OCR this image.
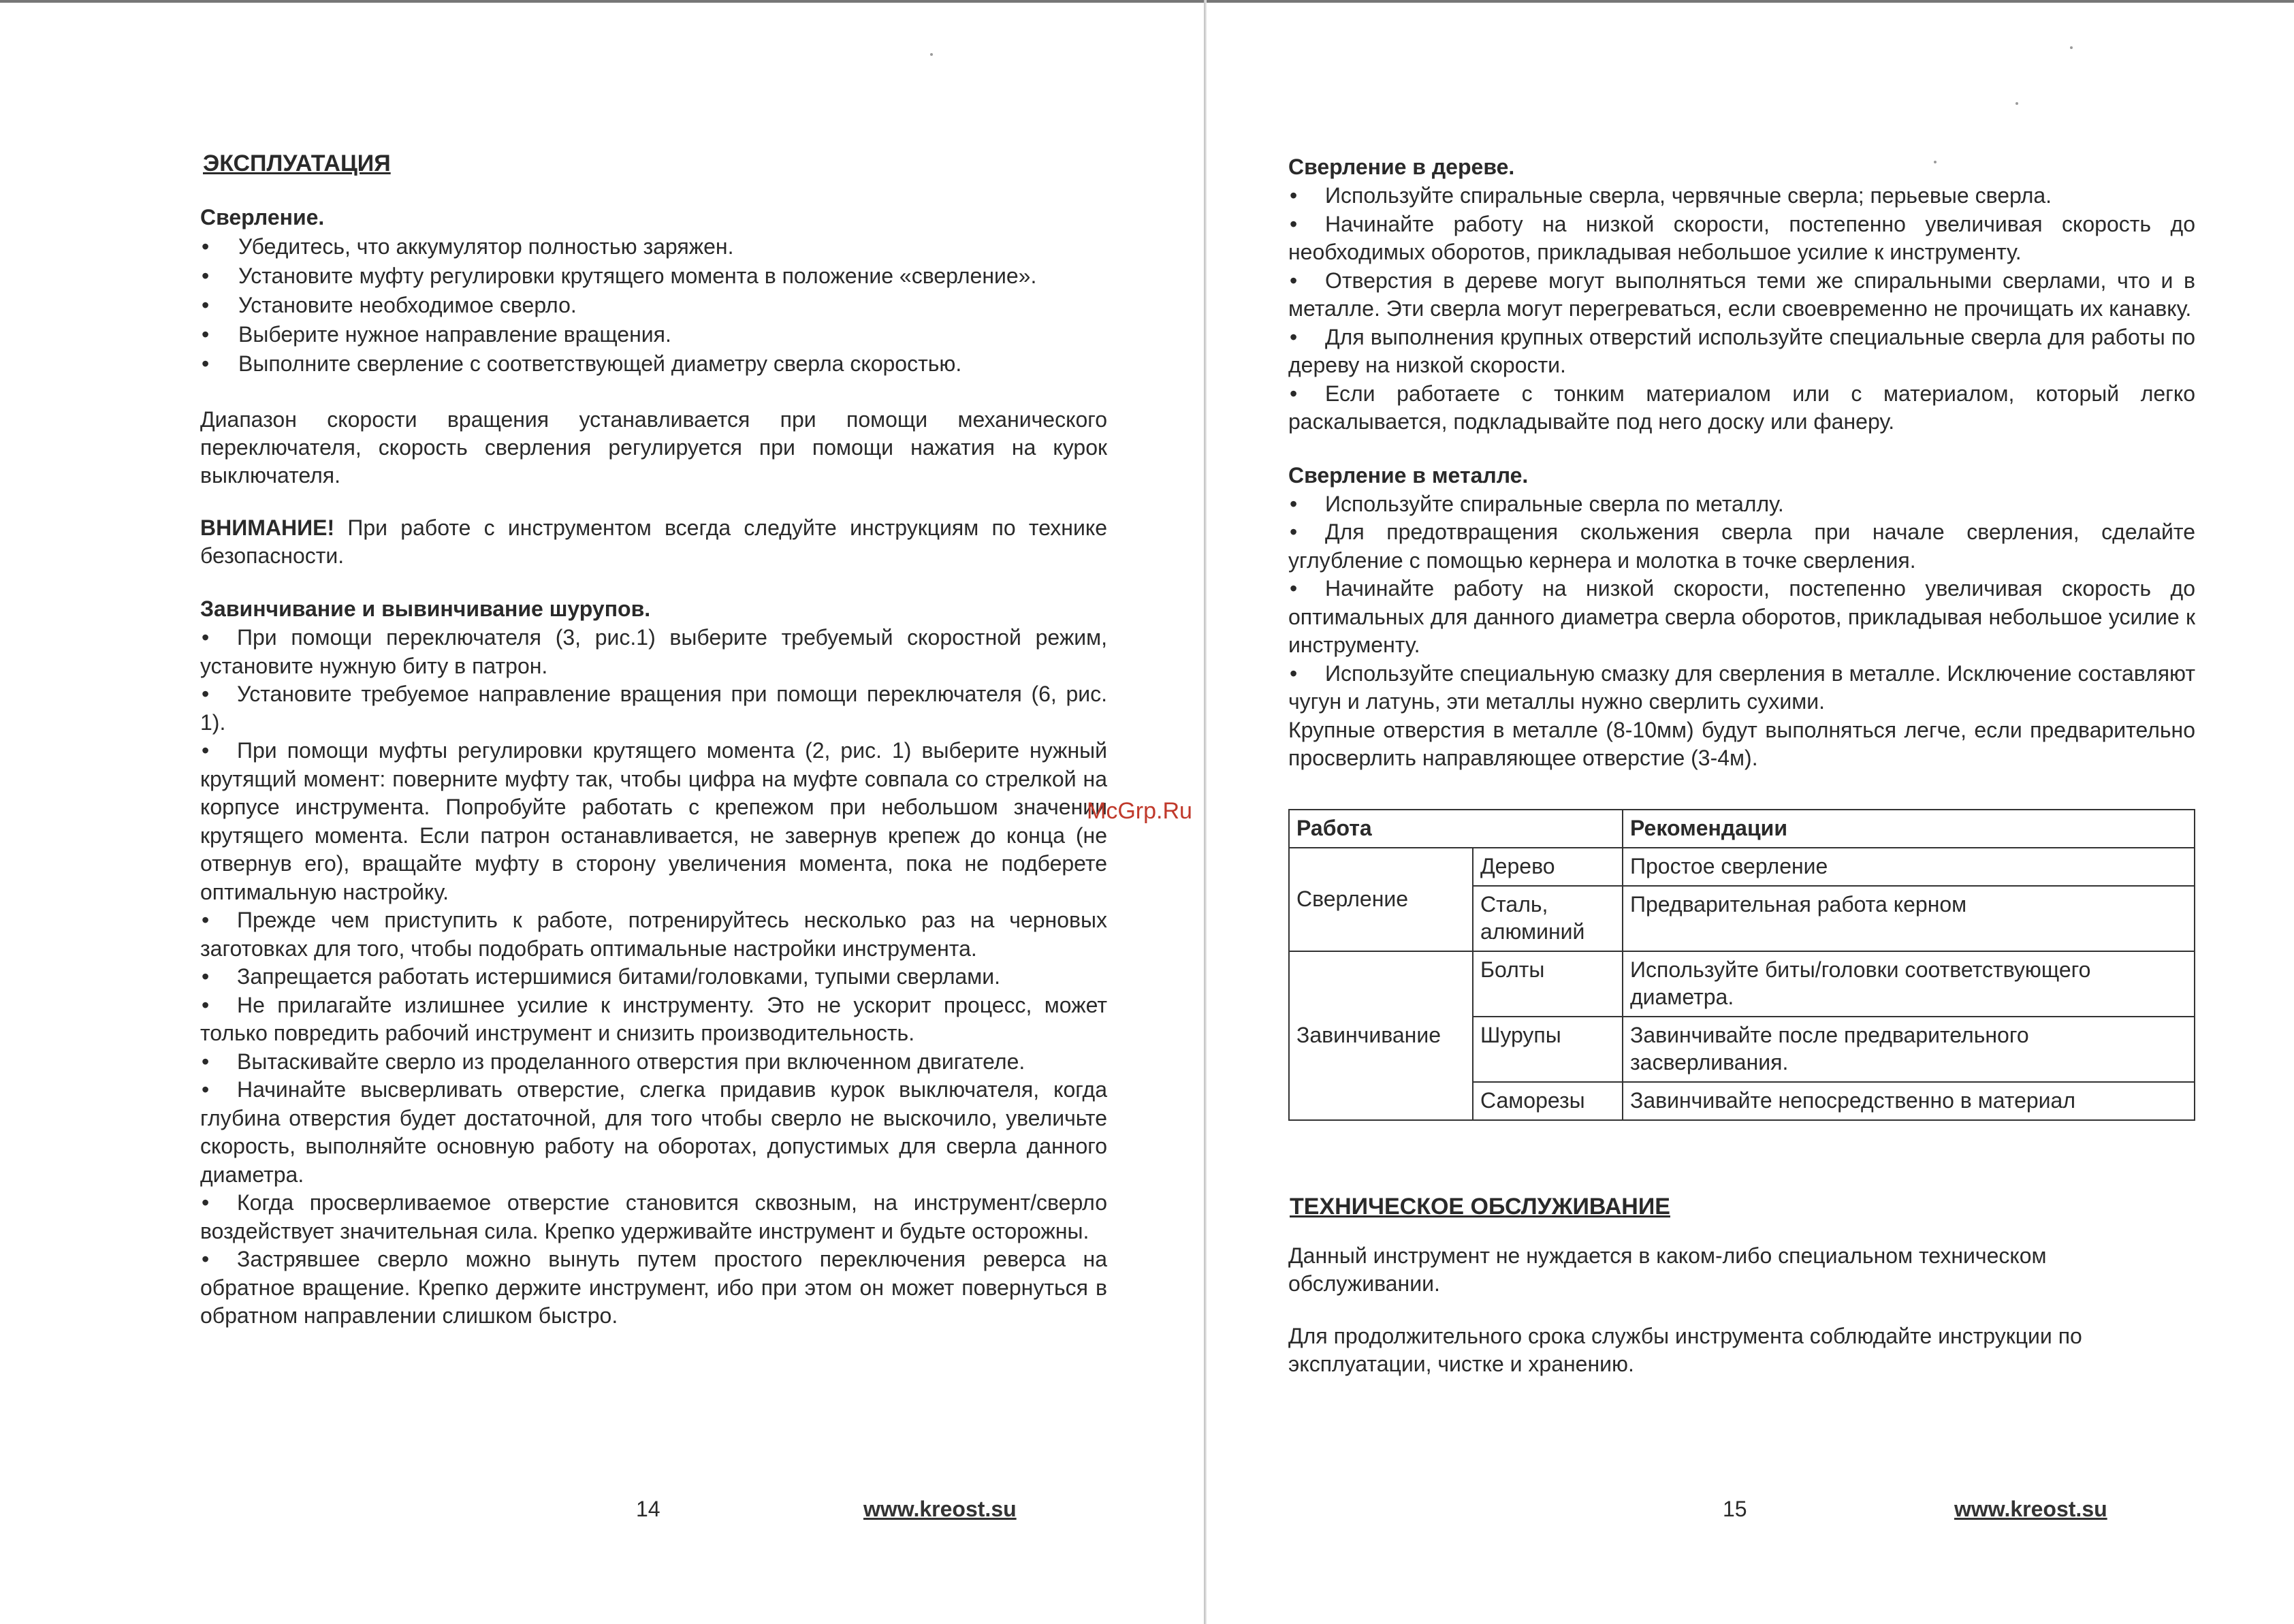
ЭКСПЛУАТАЦИЯ
Сверление.
• Убедитесь, что аккумулятор полностью заряжен.
• Установите муфту регулировки крутящего момента в положение «сверление».
• Установите необходимое сверло.
• Выберите нужное направление вращения.
• Выполните сверление с соответствующей диаметру сверла скоростью.

Диапазон скорости вращения устанавливается при помощи механического переключателя, скорость сверления регулируется при помощи нажатия на курок выключателя.

ВНИМАНИЕ! При работе с инструментом всегда следуйте инструкциям по технике безопасности.

Завинчивание и вывинчивание шурупов.
• При помощи переключателя (3, рис.1) выберите требуемый скоростной режим, установите нужную биту в патрон.
• Установите требуемое направление вращения при помощи переключателя (6, рис. 1).
• При помощи муфты регулировки крутящего момента (2, рис. 1) выберите нужный крутящий момент: поверните муфту так, чтобы цифра на муфте совпала со стрелкой на корпусе инструмента. Попробуйте работать с крепежом при небольшом значении крутящего момента. Если патрон останавливается, не завернув крепеж до конца (не отвернув его), вращайте муфту в сторону увеличения момента, пока не подберете оптимальную настройку.
• Прежде чем приступить к работе, потренируйтесь несколько раз на черновых заготовках для того, чтобы подобрать оптимальные настройки инструмента.
• Запрещается работать истершимися битами/головками, тупыми сверлами.
• Не прилагайте излишнее усилие к инструменту. Это не ускорит процесс, может только повредить рабочий инструмент и снизить производительность.
• Вытаскивайте сверло из проделанного отверстия при включенном двигателе.
• Начинайте высверливать отверстие, слегка придавив курок выключателя, когда глубина отверстия будет достаточной, для того чтобы сверло не выскочило, увеличьте скорость, выполняйте основную работу на оборотах, допустимых для сверла данного диаметра.
• Когда просверливаемое отверстие становится сквозным, на инструмент/сверло воздействует значительная сила. Крепко удерживайте инструмент и будьте осторожны.
• Застрявшее сверло можно вынуть путем простого переключения реверса на обратное вращение. Крепко держите инструмент, ибо при этом он может повернуться в обратном направлении слишком быстро.
14	www.kreost.su
McGrp.Ru
Сверление в дереве.
• Используйте спиральные сверла, червячные сверла; перьевые сверла.
• Начинайте работу на низкой скорости, постепенно увеличивая скорость до необходимых оборотов, прикладывая небольшое усилие к инструменту.
• Отверстия в дереве могут выполняться теми же спиральными сверлами, что и в металле. Эти сверла могут перегреваться, если своевременно не прочищать их канавку.
• Для выполнения крупных отверстий используйте специальные сверла для работы по дереву на низкой скорости.
• Если работаете с тонким материалом или с материалом, который легко раскалывается, подкладывайте под него доску или фанеру.
Сверление в металле.
• Используйте спиральные сверла по металлу.
• Для предотвращения скольжения сверла при начале сверления, сделайте углубление с помощью кернера и молотка в точке сверления.
• Начинайте работу на низкой скорости, постепенно увеличивая скорость до оптимальных для данного диаметра сверла оборотов, прикладывая небольшое усилие к инструменту.
• Используйте специальную смазку для сверления в металле. Исключение составляют чугун и латунь, эти металлы нужно сверлить сухими.

Крупные отверстия в металле (8-10мм) будут выполняться легче, если предварительно просверлить направляющее отверстие (3-4м).

Работа		Рекомендации
Сверление	Дерево	Простое сверление
	Сталь, алюминий	Предварительная работа керном
Завинчивание	Болты	Используйте биты/головки соответствующего диаметра.
	Шурупы	Завинчивайте после предварительного засверливания.
	Саморезы	Завинчивайте непосредственно в материал
ТЕХНИЧЕСКОЕ ОБСЛУЖИВАНИЕ

Данный инструмент не нуждается в каком-либо специальном техническом обслуживании.

Для продолжительного срока службы инструмента соблюдайте инструкции по эксплуатации, чистке и хранению.

15	www.kreost.su
